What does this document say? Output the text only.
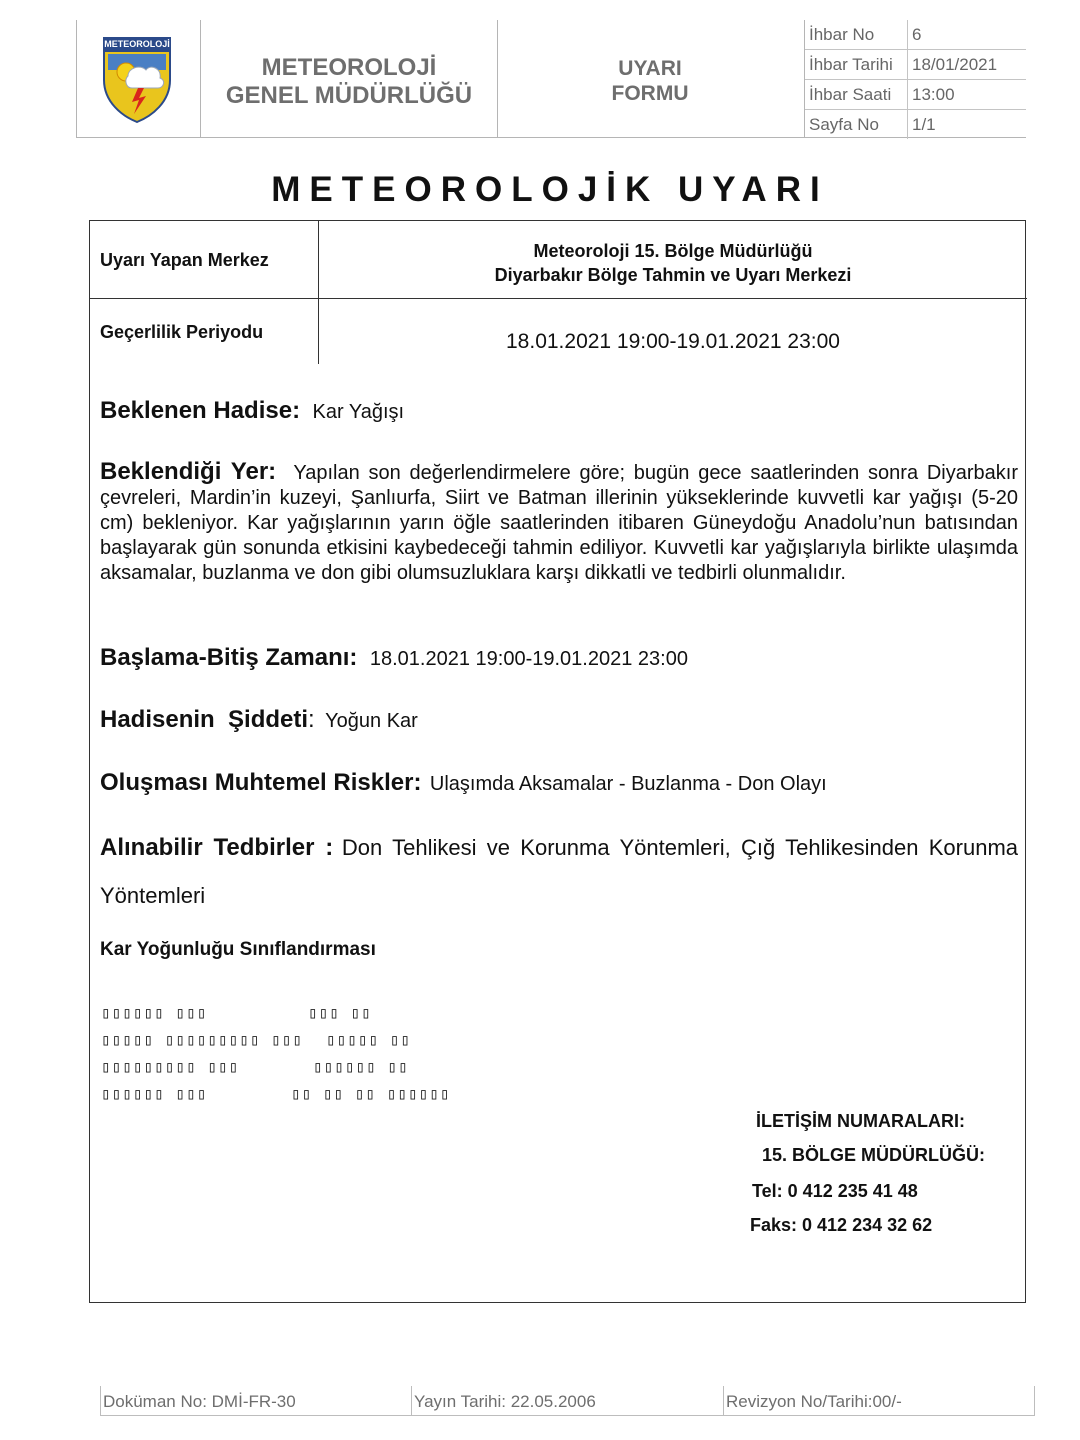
METEOROLOJİ
METEOROLOJİ
GENEL MÜDÜRLÜĞÜ
UYARI
FORMU
İhbar No	6
İhbar Tarihi	18/01/2021
İhbar Saati	13:00
Sayfa No	1/1
METEOROLOJİK UYARI
Uyarı Yapan Merkez	Meteoroloji 15. Bölge Müdürlüğü
Diyarbakır Bölge Tahmin ve Uyarı Merkezi
Geçerlilik Periyodu	18.01.2021 19:00-19.01.2021 23:00
Beklenen Hadise: Kar Yağışı
Beklendiği Yer: Yapılan son değerlendirmelere göre; bugün gece saatlerinden sonra Diyarbakır çevreleri, Mardin’in kuzeyi, Şanlıurfa, Siirt ve Batman illerinin yükseklerinde kuvvetli kar yağışı (5-20 cm) bekleniyor. Kar yağışlarının yarın öğle saatlerinden itibaren Güneydoğu Anadolu’nun batısından başlayarak gün sonunda etkisini kaybedeceği tahmin ediliyor. Kuvvetli kar yağışlarıyla birlikte ulaşımda aksamalar, buzlanma ve don gibi olumsuzluklara karşı dikkatli ve tedbirli olunmalıdır.
Başlama-Bitiş Zamanı: 18.01.2021 19:00-19.01.2021 23:00
Hadisenin  Şiddeti: Yoğun Kar
Oluşması Muhtemel Riskler: Ulaşımda Aksamalar - Buzlanma - Don Olayı
Alınabilir Tedbirler : Don Tehlikesi ve Korunma Yöntemleri, Çığ Tehlikesinden Korunma Yöntemleri
Kar Yoğunluğu Sınıflandırması
▯▯▯▯▯▯ ▯▯▯	▯▯▯ ▯▯
▯▯▯▯▯ ▯▯▯▯▯▯▯▯▯ ▯▯▯ ▯▯▯▯▯ ▯▯
▯▯▯▯▯▯▯▯▯ ▯▯▯	▯▯▯▯▯▯ ▯▯
▯▯▯▯▯▯ ▯▯▯	▯▯ ▯▯ ▯▯ ▯▯▯▯▯▯
İLETİŞİM NUMARALARI:
15. BÖLGE MÜDÜRLÜĞÜ:
Tel: 0 412 235 41 48
Faks: 0 412 234 32 62
Doküman No: DMİ-FR-30	Yayın Tarihi: 22.05.2006	Revizyon No/Tarihi:00/-
